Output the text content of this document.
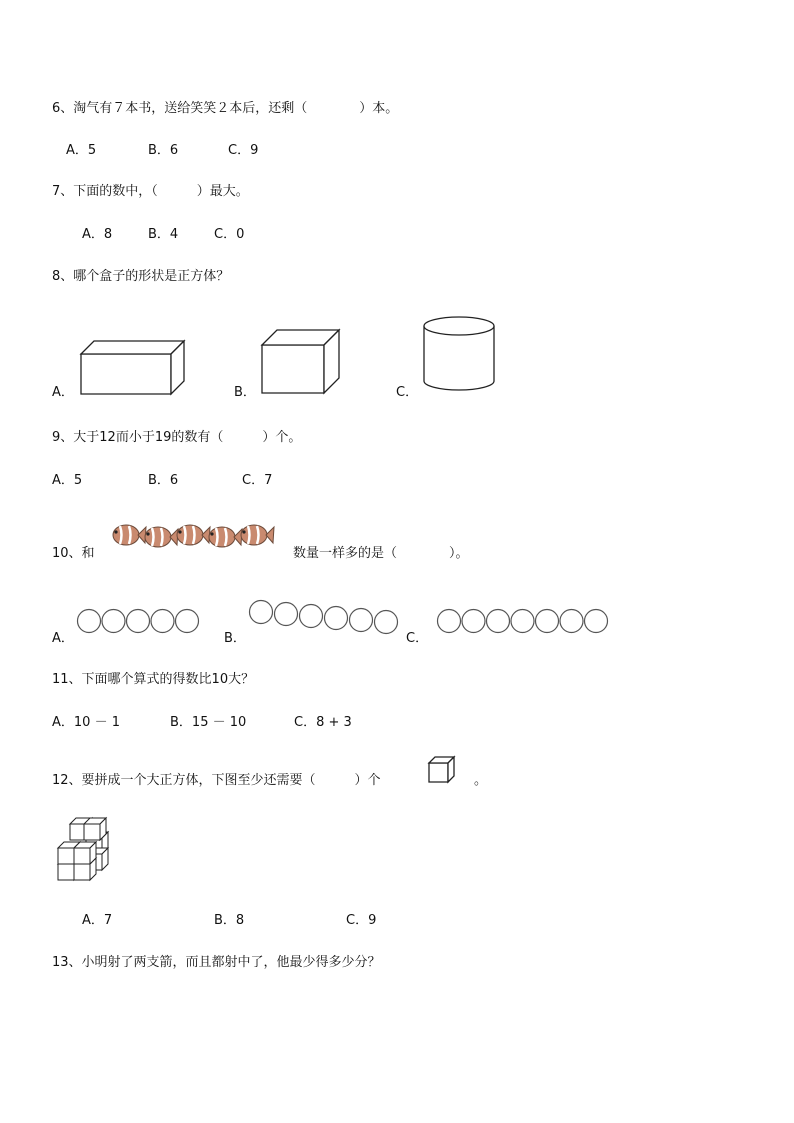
6、淘气有７本书，送给笑笑２本后，还剩（　　　　）本。
A．5	B．6	C．9
7、下面的数中，（　　　）最大。
A．8	B．4	C．0
8、哪个盒子的形状是正方体？
A．	B．	C．
9、大于12而小于19的数有（　　　）个。
A．5	B．6	C．7
10、和	数量一样多的是（　　　　）。
A．	B．	C．
11、下面哪个算式的得数比10大？
A．10 － 1	B．15 － 10	C．8 + 3
12、要拼成一个大正方体，下图至少还需要（　　　）个	。
A．7	B．8	C．9
13、小明射了两支箭，而且都射中了，他最少得多少分？
